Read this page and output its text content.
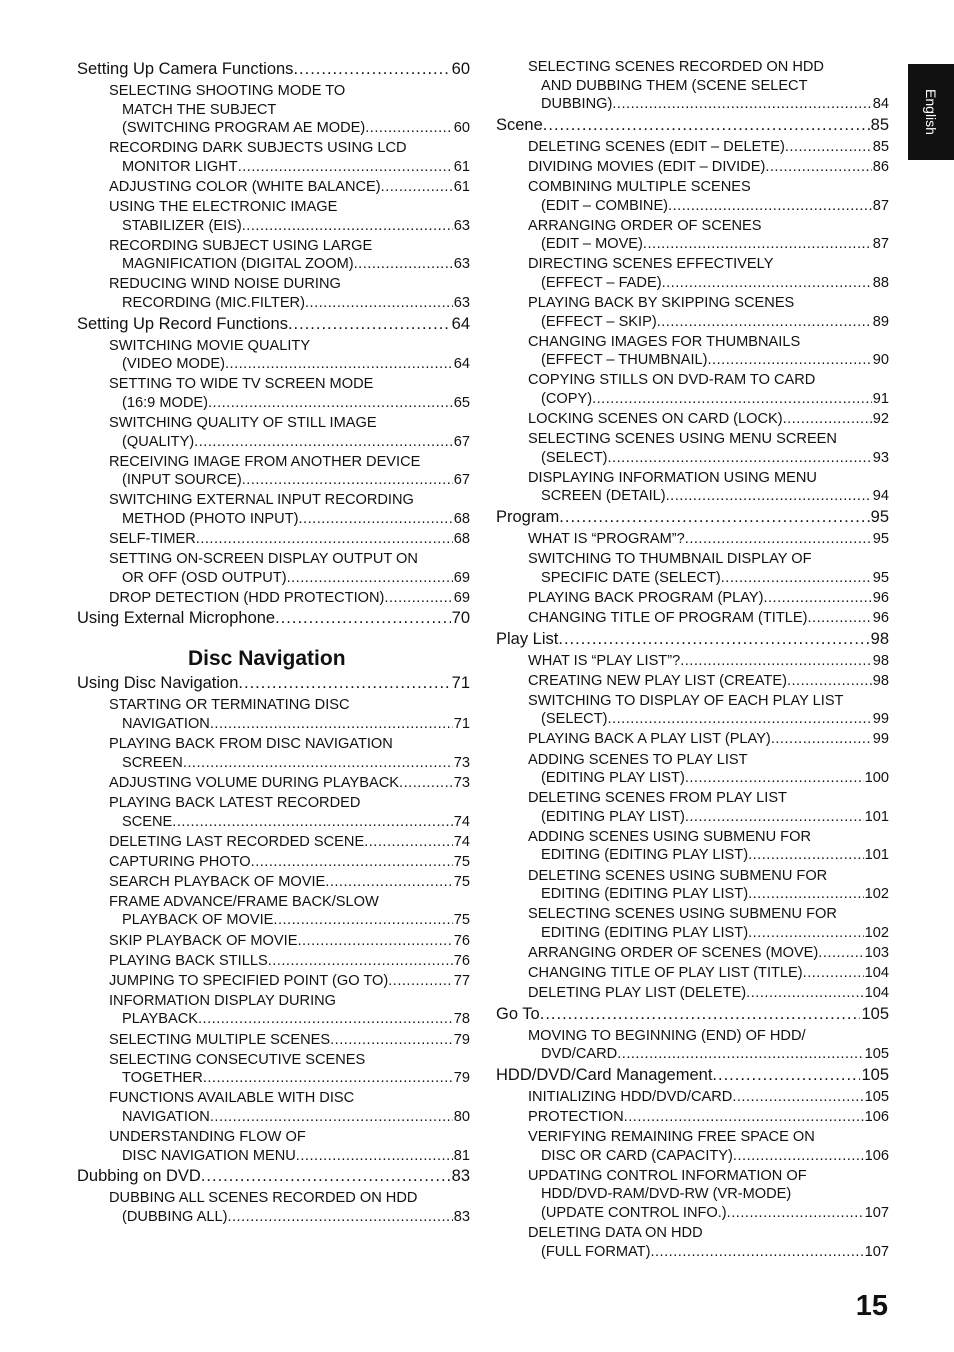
Setting Up Camera Functions .....	60
SELECTING SHOOTING MODE TO
MATCH THE SUBJECT
(SWITCHING PROGRAM AE MODE) .....	60
RECORDING DARK SUBJECTS USING LCD
MONITOR LIGHT .....	61
ADJUSTING COLOR (WHITE BALANCE) .....	61
USING THE ELECTRONIC IMAGE
STABILIZER (EIS) .....	63
RECORDING SUBJECT USING LARGE
MAGNIFICATION (DIGITAL ZOOM) .....	63
REDUCING WIND NOISE DURING
RECORDING (MIC.FILTER) .....	63
Setting Up Record Functions .....	64
SWITCHING MOVIE QUALITY
(VIDEO MODE) .....	64
SETTING TO WIDE TV SCREEN MODE
(16:9 MODE) .....	65
SWITCHING QUALITY OF STILL IMAGE
(QUALITY) .....	67
RECEIVING IMAGE FROM ANOTHER DEVICE
(INPUT SOURCE) .....	67
SWITCHING EXTERNAL INPUT RECORDING
METHOD (PHOTO INPUT) .....	68
SELF-TIMER .....	68
SETTING ON-SCREEN DISPLAY OUTPUT ON
OR OFF (OSD OUTPUT) .....	69
DROP DETECTION (HDD PROTECTION) .....	69
Using External Microphone .....	70
Disc Navigation
Using Disc Navigation .....	71
STARTING OR TERMINATING DISC
NAVIGATION .....	71
PLAYING BACK FROM DISC NAVIGATION
SCREEN .....	73
ADJUSTING VOLUME DURING PLAYBACK .....	73
PLAYING BACK LATEST RECORDED
SCENE .....	74
DELETING LAST RECORDED SCENE .....	74
CAPTURING PHOTO .....	75
SEARCH PLAYBACK OF MOVIE .....	75
FRAME ADVANCE/FRAME BACK/SLOW
PLAYBACK OF MOVIE .....	75
SKIP PLAYBACK OF MOVIE .....	76
PLAYING BACK STILLS .....	76
JUMPING TO SPECIFIED POINT (GO TO) .....	77
INFORMATION DISPLAY DURING
PLAYBACK .....	78
SELECTING MULTIPLE SCENES .....	79
SELECTING CONSECUTIVE SCENES
TOGETHER .....	79
FUNCTIONS AVAILABLE WITH DISC
NAVIGATION .....	80
UNDERSTANDING FLOW OF
DISC NAVIGATION MENU .....	81
Dubbing on DVD .....	83
DUBBING ALL SCENES RECORDED ON HDD
(DUBBING ALL) .....	83
SELECTING SCENES RECORDED ON HDD
AND DUBBING THEM (SCENE SELECT
DUBBING) .....	84
Scene .....	85
DELETING SCENES (EDIT – DELETE) .....	85
DIVIDING MOVIES (EDIT – DIVIDE) .....	86
COMBINING MULTIPLE SCENES
(EDIT – COMBINE) .....	87
ARRANGING ORDER OF SCENES
(EDIT – MOVE) .....	87
DIRECTING SCENES EFFECTIVELY
(EFFECT – FADE) .....	88
PLAYING BACK BY SKIPPING SCENES
(EFFECT – SKIP) .....	89
CHANGING IMAGES FOR THUMBNAILS
(EFFECT – THUMBNAIL) .....	90
COPYING STILLS ON DVD-RAM TO CARD
(COPY) .....	91
LOCKING SCENES ON CARD (LOCK) .....	92
SELECTING SCENES USING MENU SCREEN
(SELECT) .....	93
DISPLAYING INFORMATION USING MENU
SCREEN (DETAIL) .....	94
Program .....	95
WHAT IS “PROGRAM”? .....	95
SWITCHING TO THUMBNAIL DISPLAY OF
SPECIFIC DATE (SELECT) .....	95
PLAYING BACK PROGRAM (PLAY) .....	96
CHANGING TITLE OF PROGRAM (TITLE) .....	96
Play List .....	98
WHAT IS “PLAY LIST”? .....	98
CREATING NEW PLAY LIST (CREATE) .....	98
SWITCHING TO DISPLAY OF EACH PLAY LIST
(SELECT) .....	99
PLAYING BACK A PLAY LIST (PLAY) .....	99
ADDING SCENES TO PLAY LIST
(EDITING PLAY LIST) .....	100
DELETING SCENES FROM PLAY LIST
(EDITING PLAY LIST) .....	101
ADDING SCENES USING SUBMENU FOR
EDITING (EDITING PLAY LIST) .....	101
DELETING SCENES USING SUBMENU FOR
EDITING (EDITING PLAY LIST) .....	102
SELECTING SCENES USING SUBMENU FOR
EDITING (EDITING PLAY LIST) .....	102
ARRANGING ORDER OF SCENES (MOVE) .....	103
CHANGING TITLE OF PLAY LIST (TITLE) .....	104
DELETING PLAY LIST (DELETE) .....	104
Go To .....	105
MOVING TO BEGINNING (END) OF HDD/
DVD/CARD .....	105
HDD/DVD/Card Management .....	105
INITIALIZING HDD/DVD/CARD .....	105
PROTECTION .....	106
VERIFYING REMAINING FREE SPACE ON
DISC OR CARD (CAPACITY) .....	106
UPDATING CONTROL INFORMATION OF
HDD/DVD-RAM/DVD-RW (VR-MODE)
(UPDATE CONTROL INFO.) .....	107
DELETING DATA ON HDD
(FULL FORMAT) .....	107
English
15
